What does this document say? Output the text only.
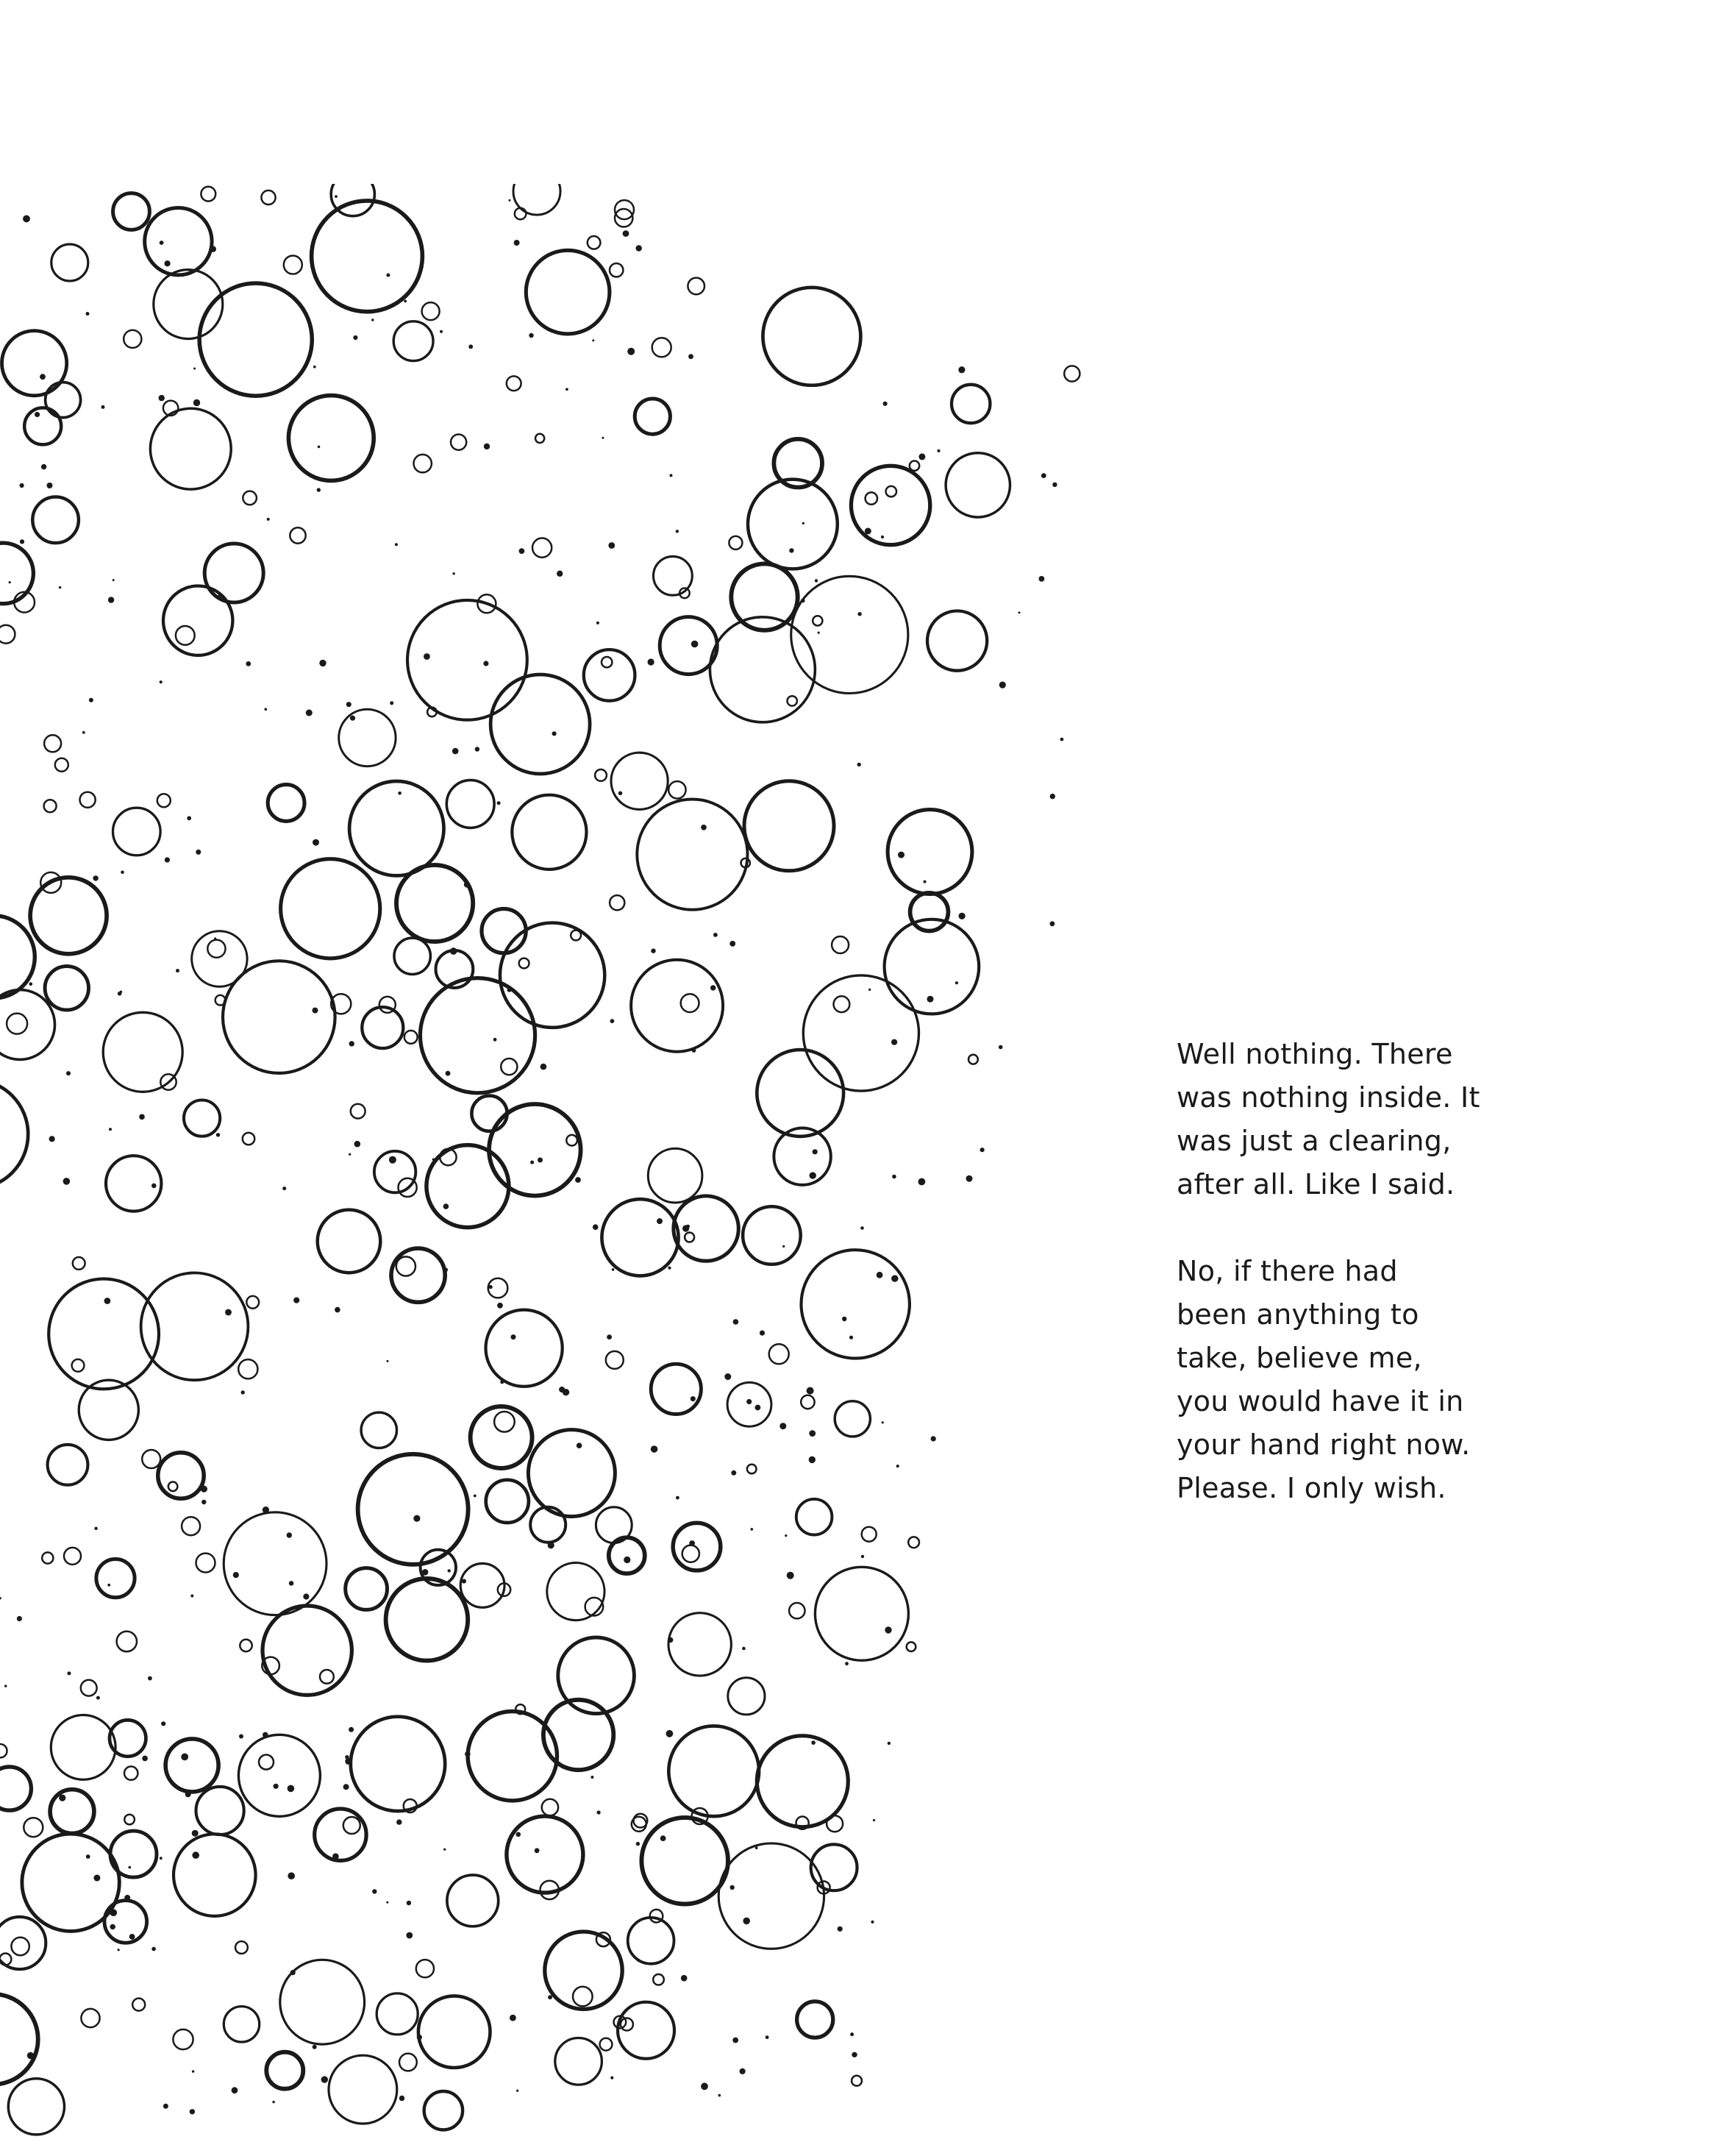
Well nothing. There
was nothing inside. It
was just a clearing,
after all. Like I said.
No, if there had
been anything to
take, believe me,
you would have it in
your hand right now.
Please. I only wish.
